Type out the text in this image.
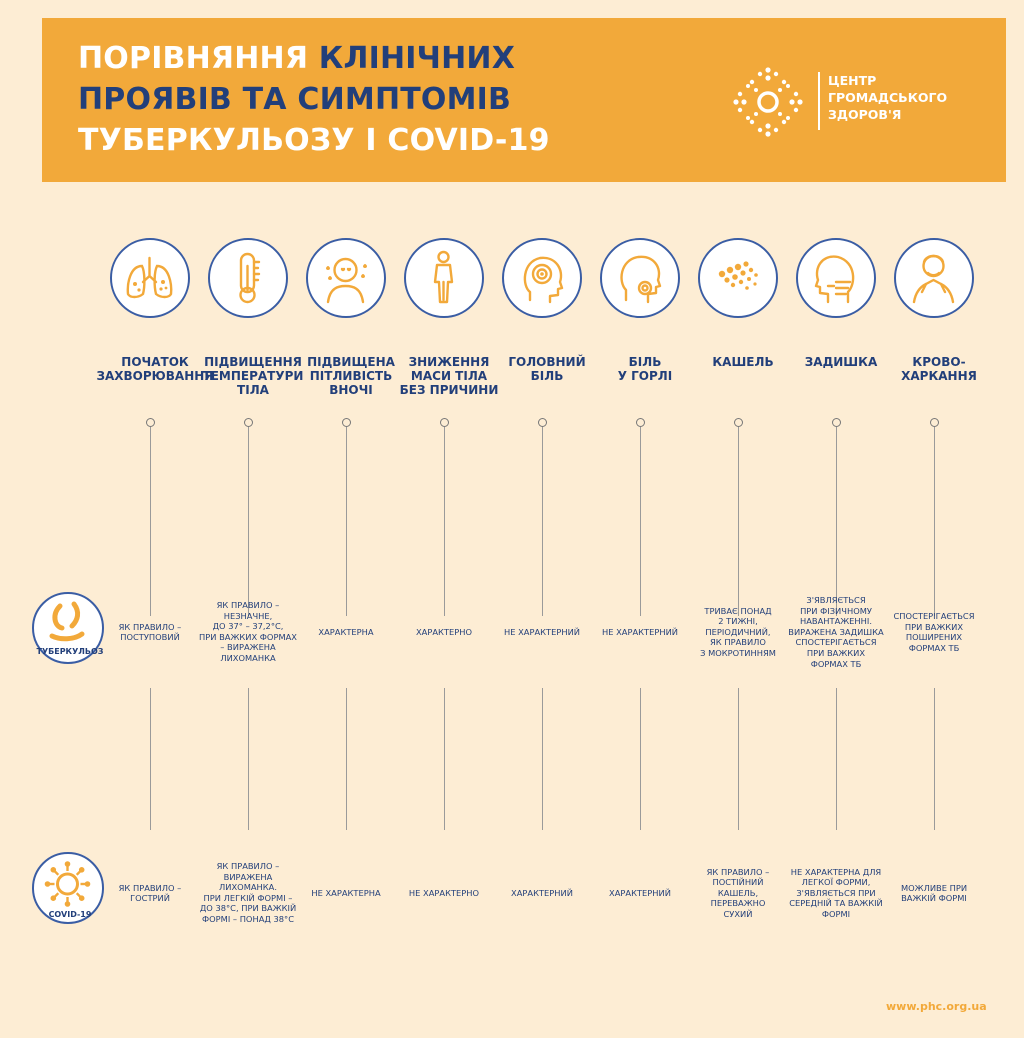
ПОРІВНЯННЯ КЛІНІЧНИХ
ПРОЯВІВ ТА СИМПТОМІВ
ТУБЕРКУЛЬОЗУ І COVID-19
ЦЕНТР
ГРОМАДСЬКОГО
ЗДОРОВ'Я
ТУБЕРКУЛЬОЗ
COVID-19
ПОЧАТОК
ЗАХВОРЮВАННЯ
ЯК ПРАВИЛО –
ПОСТУПОВИЙ
ЯК ПРАВИЛО –
ГОСТРИЙ
ПІДВИЩЕННЯ
ТЕМПЕРАТУРИ
ТІЛА
ЯК ПРАВИЛО –
НЕЗНАЧНЕ,
ДО 37° – 37,2°С,
ПРИ ВАЖКИХ ФОРМАХ
– ВИРАЖЕНА
ЛИХОМАНКА
ЯК ПРАВИЛО –
ВИРАЖЕНА
ЛИХОМАНКА.
ПРИ ЛЕГКІЙ ФОРМІ –
ДО 38°С, ПРИ ВАЖКІЙ
ФОРМІ – ПОНАД 38°С
ПІДВИЩЕНА
ПІТЛИВІСТЬ
ВНОЧІ
ХАРАКТЕРНА
НЕ ХАРАКТЕРНА
ЗНИЖЕННЯ
МАСИ ТІЛА
БЕЗ ПРИЧИНИ
ХАРАКТЕРНО
НЕ ХАРАКТЕРНО
ГОЛОВНИЙ
БІЛЬ
НЕ ХАРАКТЕРНИЙ
ХАРАКТЕРНИЙ
БІЛЬ
У ГОРЛІ
НЕ ХАРАКТЕРНИЙ
ХАРАКТЕРНИЙ
КАШЕЛЬ
ТРИВАЄ ПОНАД
2 ТИЖНІ,
ПЕРІОДИЧНИЙ,
ЯК ПРАВИЛО
З МОКРОТИННЯМ
ЯК ПРАВИЛО –
ПОСТІЙНИЙ
КАШЕЛЬ,
ПЕРЕВАЖНО
СУХИЙ
ЗАДИШКА
З'ЯВЛЯЄТЬСЯ
ПРИ ФІЗИЧНОМУ
НАВАНТАЖЕННІ.
ВИРАЖЕНА ЗАДИШКА
СПОСТЕРІГАЄТЬСЯ
ПРИ ВАЖКИХ
ФОРМАХ ТБ
НЕ ХАРАКТЕРНА ДЛЯ
ЛЕГКОЇ ФОРМИ,
З'ЯВЛЯЄТЬСЯ ПРИ
СЕРЕДНІЙ ТА ВАЖКІЙ
ФОРМІ
КРОВО-
ХАРКАННЯ
СПОСТЕРІГАЄТЬСЯ
ПРИ ВАЖКИХ
ПОШИРЕНИХ
ФОРМАХ ТБ
МОЖЛИВЕ ПРИ
ВАЖКІЙ ФОРМІ
www.phc.org.ua
